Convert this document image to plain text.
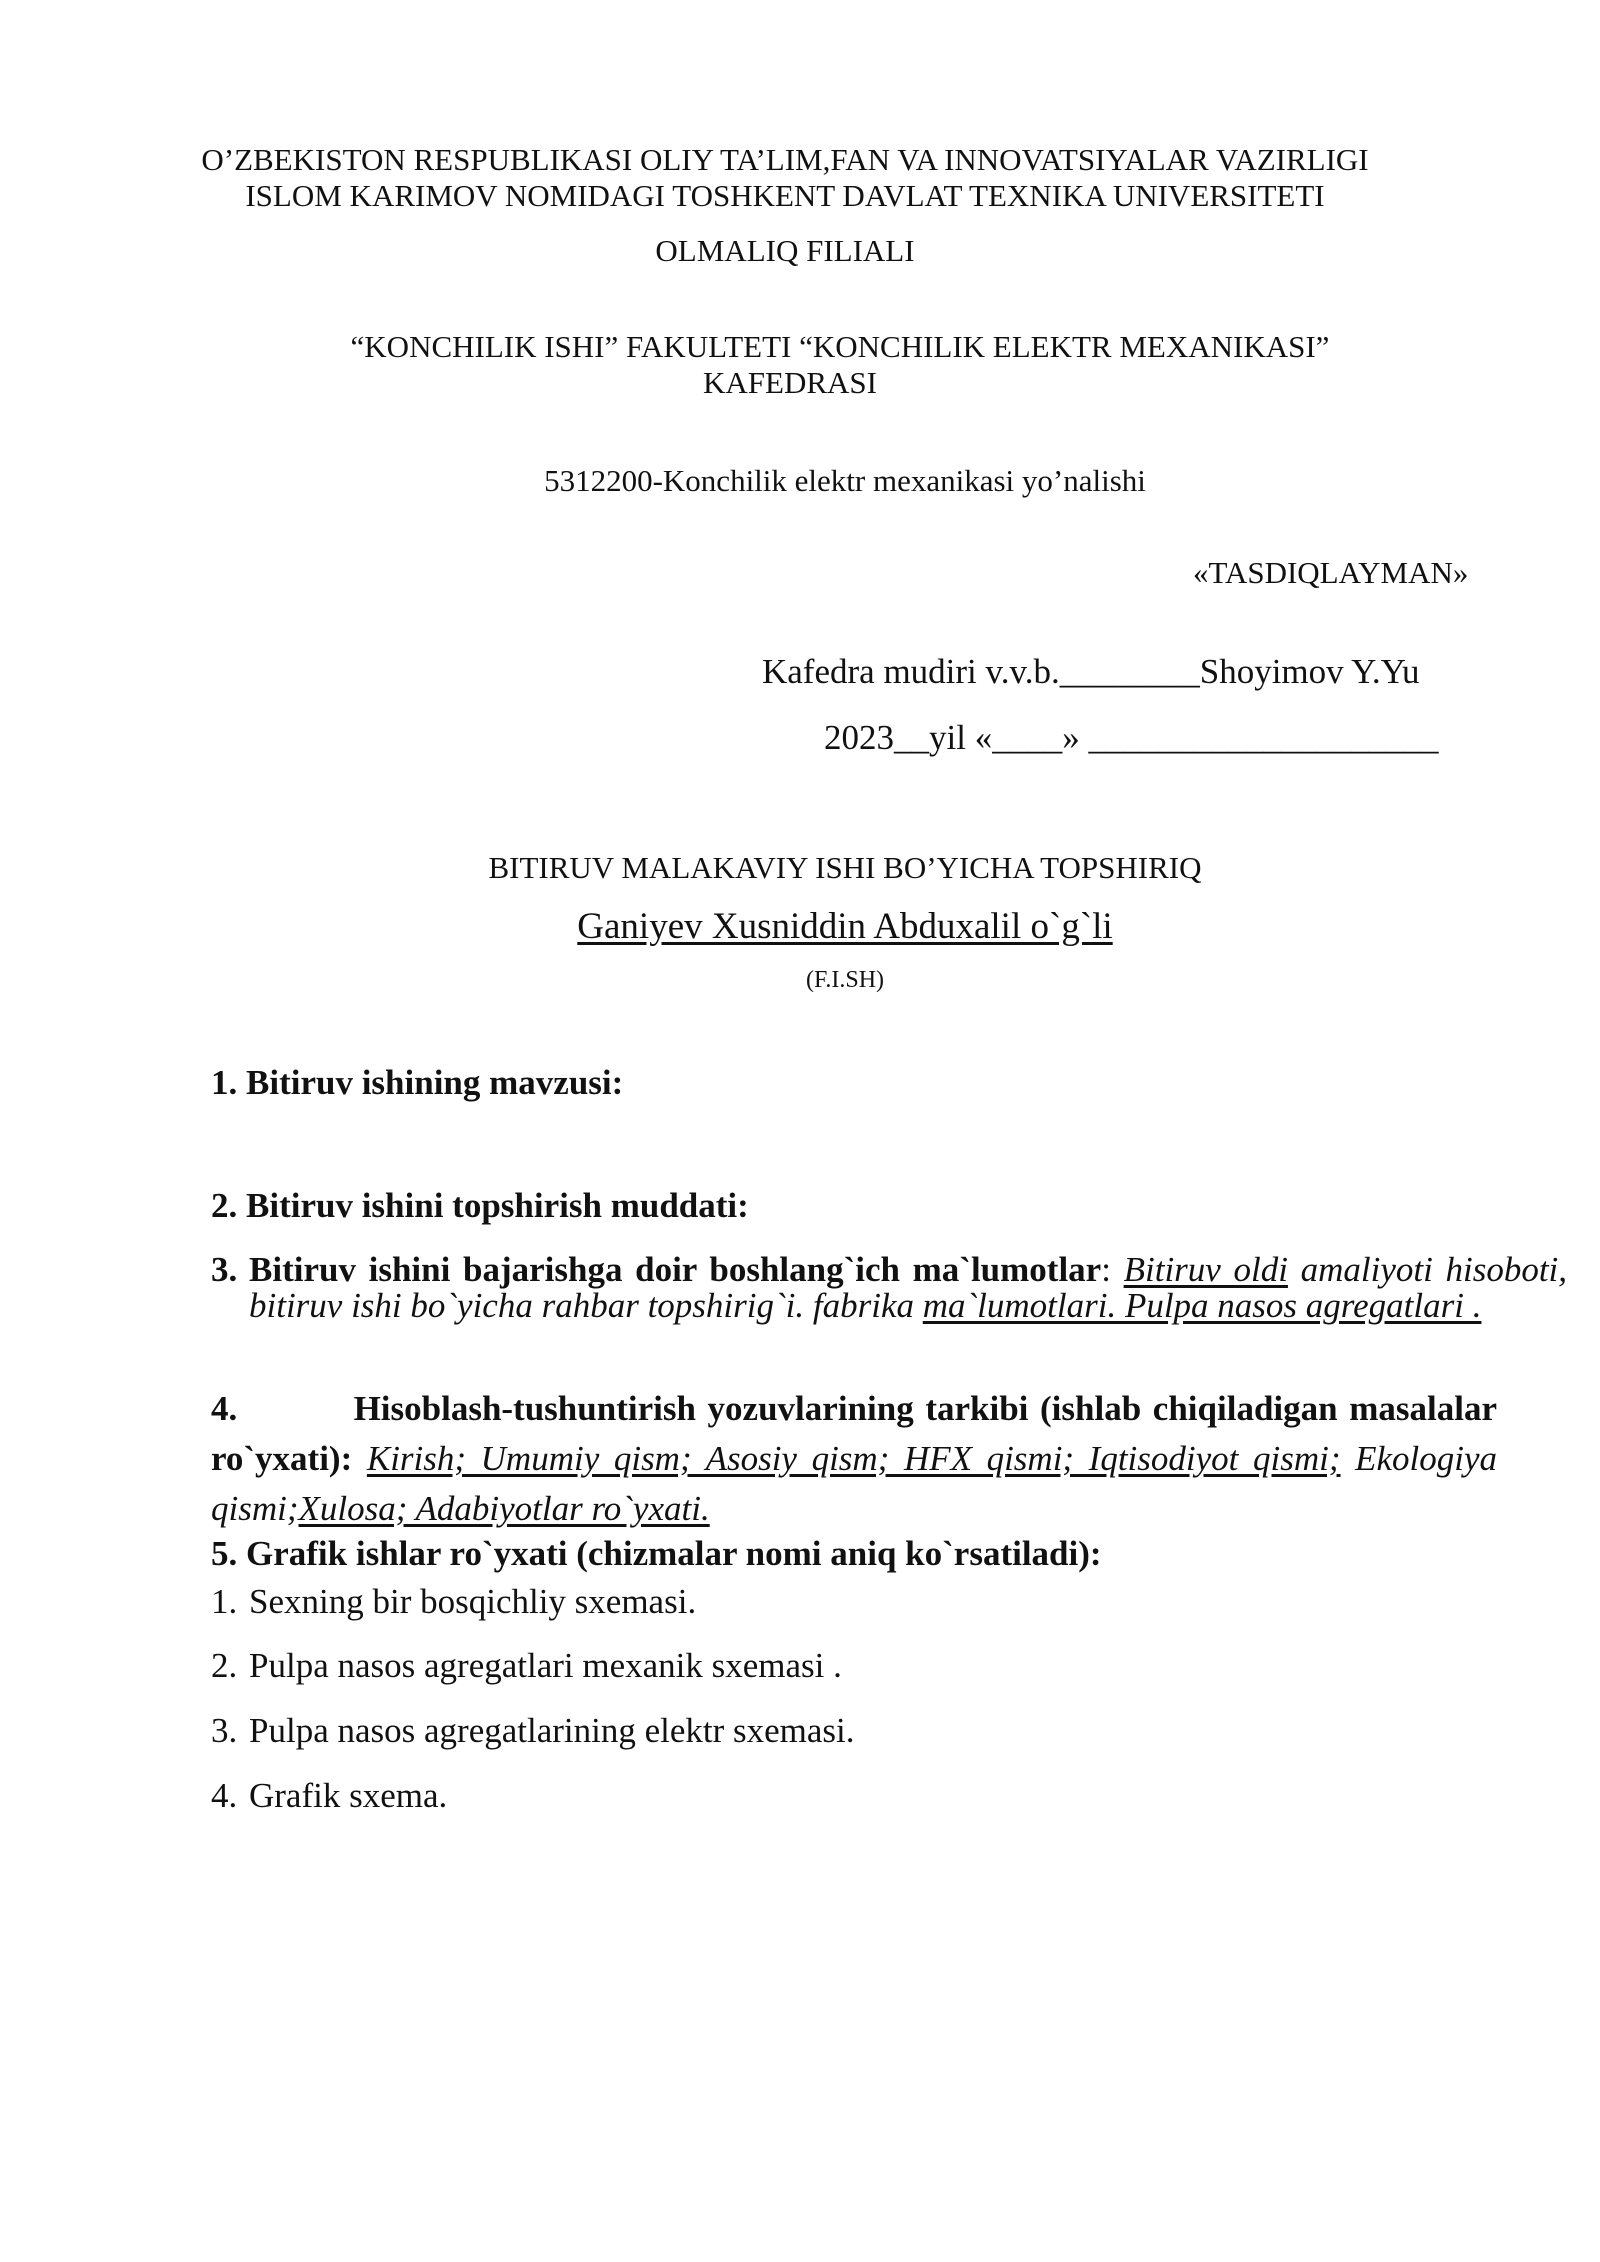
O’ZBEKISTON RESPUBLIKASI OLIY TA’LIM,FAN VA INNOVATSIYALAR VAZIRLIGI
ISLOM KARIMOV NOMIDAGI TOSHKENT DAVLAT TEXNIKA UNIVERSITETI
OLMALIQ FILIALI
“KONCHILIK ISHI” FAKULTETI “KONCHILIK ELEKTR MEXANIKASI”
KAFEDRASI
5312200-Konchilik elektr mexanikasi yo’nalishi
«TASDIQLAYMAN»
Kafedra mudiri v.v.b.________Shoyimov Y.Yu
2023__yil «____» ____________________
BITIRUV MALAKAVIY ISHI BO’YICHA TOPSHIRIQ
Ganiyev Xusniddin Abduxalil o`g`li
(F.I.SH)
1. Bitiruv ishining mavzusi:
2. Bitiruv ishini topshirish muddati:
3. Bitiruv ishini bajarishga doir boshlang`ich ma`lumotlar: Bitiruv oldi amaliyoti hisoboti, bitiruv ishi bo`yicha rahbar topshirig`i. fabrika ma`lumotlari. Pulpa nasos agregatlari .
4.	Hisoblash-tushuntirish yozuvlarining tarkibi (ishlab chiqiladigan masalalar ro`yxati): Kirish; Umumiy qism; Asosiy qism; HFX qismi; Iqtisodiyot qismi; Ekologiya qismi;Xulosa; Adabiyotlar ro`yxati.
5. Grafik ishlar ro`yxati (chizmalar nomi aniq ko`rsatiladi):
1. Sexning bir bosqichliy sxemasi.
2. Pulpa nasos agregatlari mexanik sxemasi .
3. Pulpa nasos agregatlarining elektr sxemasi.
4. Grafik sxema.
